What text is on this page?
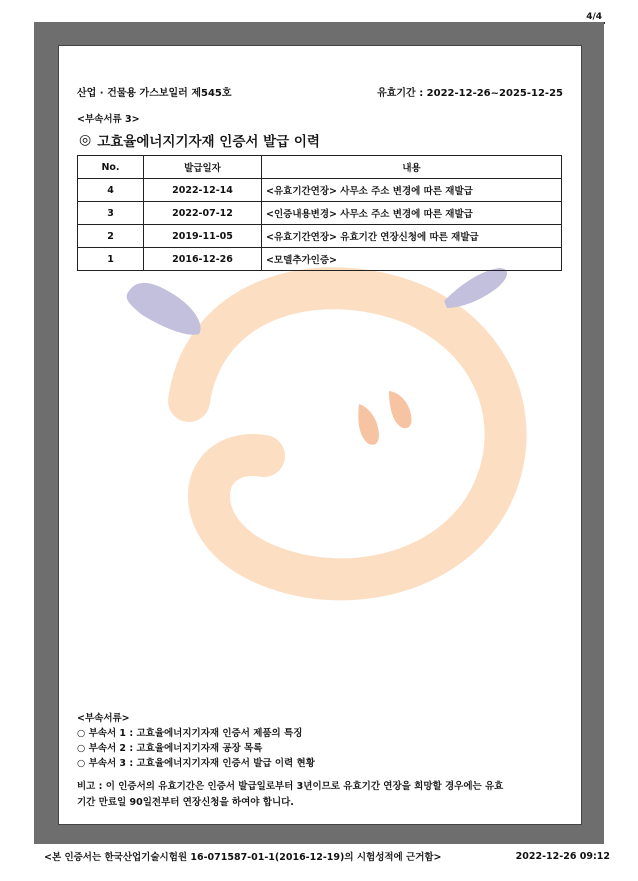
4/4
산업 · 건물용 가스보일러 제545호	유효기간 : 2022-12-26~2025-12-25
<부속서류 3>
◎ 고효율에너지기자재 인증서 발급 이력
No.	발급일자	내용
4	2022-12-14	<유효기간연장> 사무소 주소 변경에 따른 재발급
3	2022-07-12	<인증내용변경> 사무소 주소 변경에 따른 재발급
2	2019-11-05	<유효기간연장> 유효기간 연장신청에 따른 재발급
1	2016-12-26	<모델추가인증>
<부속서류>
○ 부속서 1 : 고효율에너지기자재 인증서 제품의 특징
○ 부속서 2 : 고효율에너지기자재 공장 목록
○ 부속서 3 : 고효율에너지기자재 인증서 발급 이력 현황
비고 : 이 인증서의 유효기간은 인증서 발급일로부터 3년이므로 유효기간 연장을 희망할 경우에는 유효
기간 만료일 90일전부터 연장신청을 하여야 합니다.
<본 인증서는 한국산업기술시험원 16-071587-01-1(2016-12-19)의 시험성적에 근거함>	2022-12-26 09:12
